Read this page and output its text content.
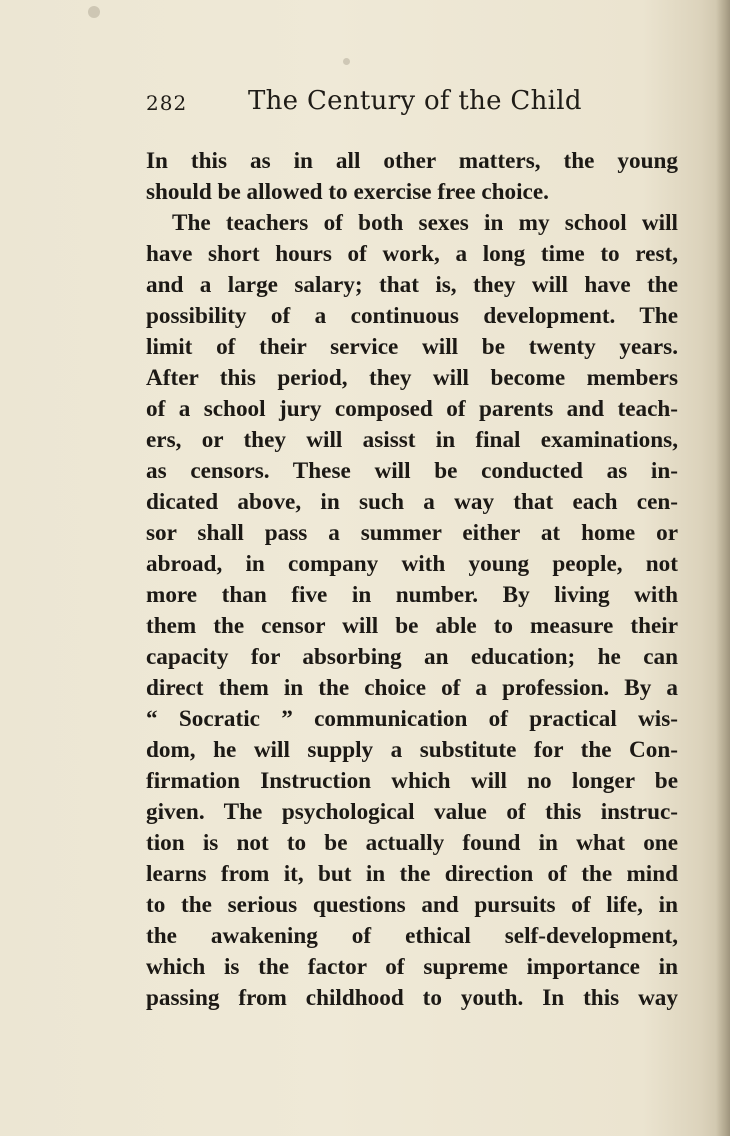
282 The Century of the Child
In this as in all other matters, the young
should be allowed to exercise free choice.
The teachers of both sexes in my school will
have short hours of work, a long time to rest,
and a large salary; that is, they will have the
possibility of a continuous development. The
limit of their service will be twenty years.
After this period, they will become members
of a school jury composed of parents and teach-
ers, or they will asisst in final examinations,
as censors. These will be conducted as in-
dicated above, in such a way that each cen-
sor shall pass a summer either at home or
abroad, in company with young people, not
more than five in number. By living with
them the censor will be able to measure their
capacity for absorbing an education; he can
direct them in the choice of a profession. By a
“ Socratic ” communication of practical wis-
dom, he will supply a substitute for the Con-
firmation Instruction which will no longer be
given. The psychological value of this instruc-
tion is not to be actually found in what one
learns from it, but in the direction of the mind
to the serious questions and pursuits of life, in
the awakening of ethical self-development,
which is the factor of supreme importance in
passing from childhood to youth. In this way
